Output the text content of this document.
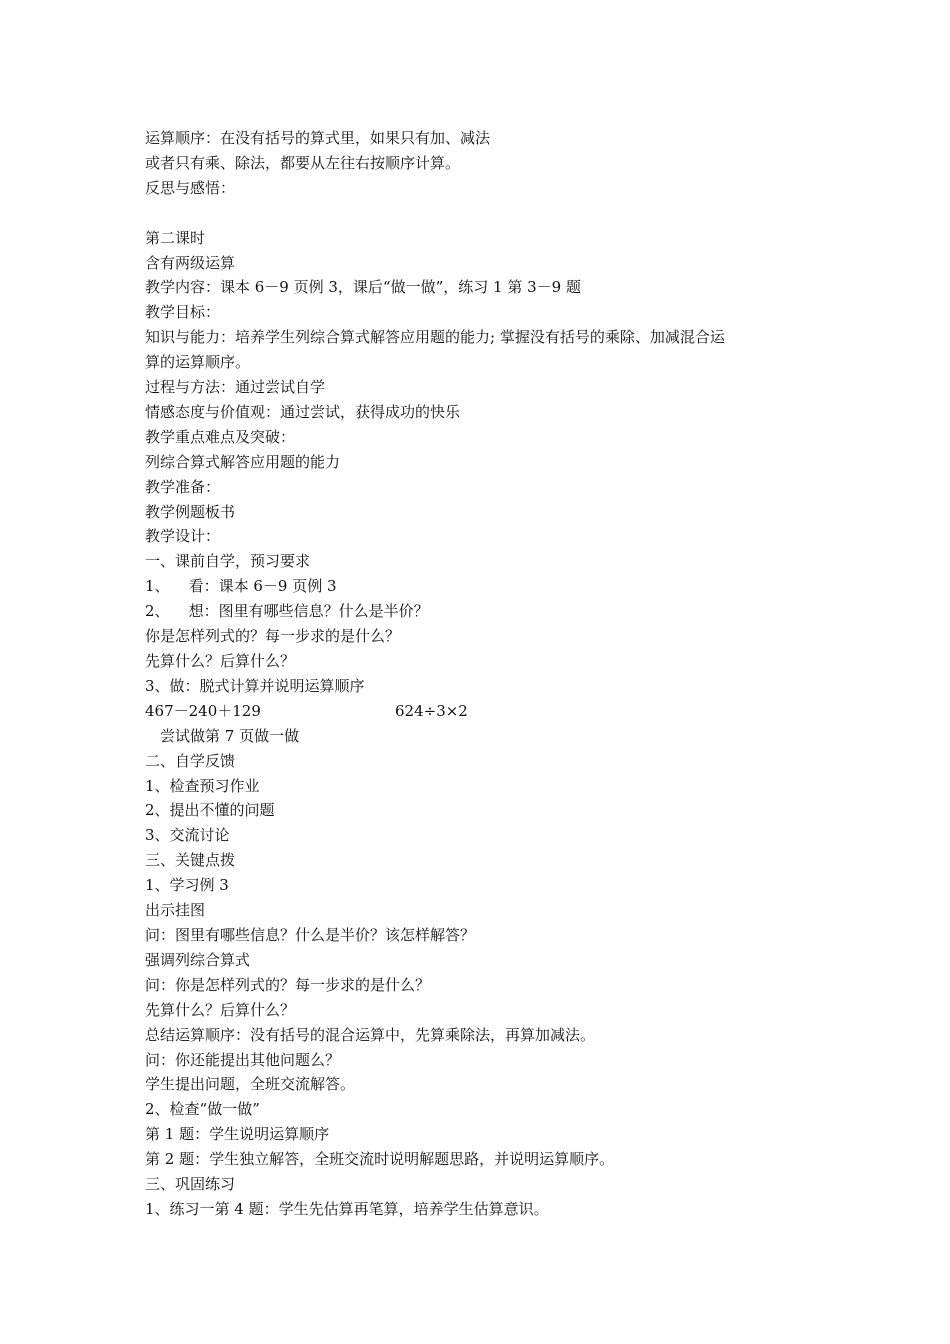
运算顺序：在没有括号的算式里，如果只有加、减法

或者只有乘、除法，都要从左往右按顺序计算。

反思与感悟：

第二课时

含有两级运算

教学内容：课本 6－9 页例 3，课后“做一做”，练习 1 第 3－9 题

教学目标：

知识与能力：培养学生列综合算式解答应用题的能力; 掌握没有括号的乘除、加减混合运

算的运算顺序。

过程与方法：通过尝试自学

情感态度与价值观：通过尝试，获得成功的快乐

教学重点难点及突破：

列综合算式解答应用题的能力

教学准备：

教学例题板书

教学设计：

一、课前自学，预习要求

1、    看：课本 6－9 页例 3

2、    想：图里有哪些信息？什么是半价？

你是怎样列式的？每一步求的是什么？

先算什么？后算什么？

3、做：脱式计算并说明运算顺序

467－240＋129	624÷3×2

尝试做第 7 页做一做

二、自学反馈

1、检查预习作业

2、提出不懂的问题

3、交流讨论

三、关键点拨

1、学习例 3

出示挂图

问：图里有哪些信息？什么是半价？该怎样解答？

强调列综合算式

问：你是怎样列式的？每一步求的是什么？

先算什么？后算什么？

总结运算顺序：没有括号的混合运算中，先算乘除法，再算加减法。

问：你还能提出其他问题么？

学生提出问题，全班交流解答。

2、检查“做一做”

第 1 题：学生说明运算顺序

第 2 题：学生独立解答，全班交流时说明解题思路，并说明运算顺序。

三、巩固练习

1、练习一第 4 题：学生先估算再笔算，培养学生估算意识。
